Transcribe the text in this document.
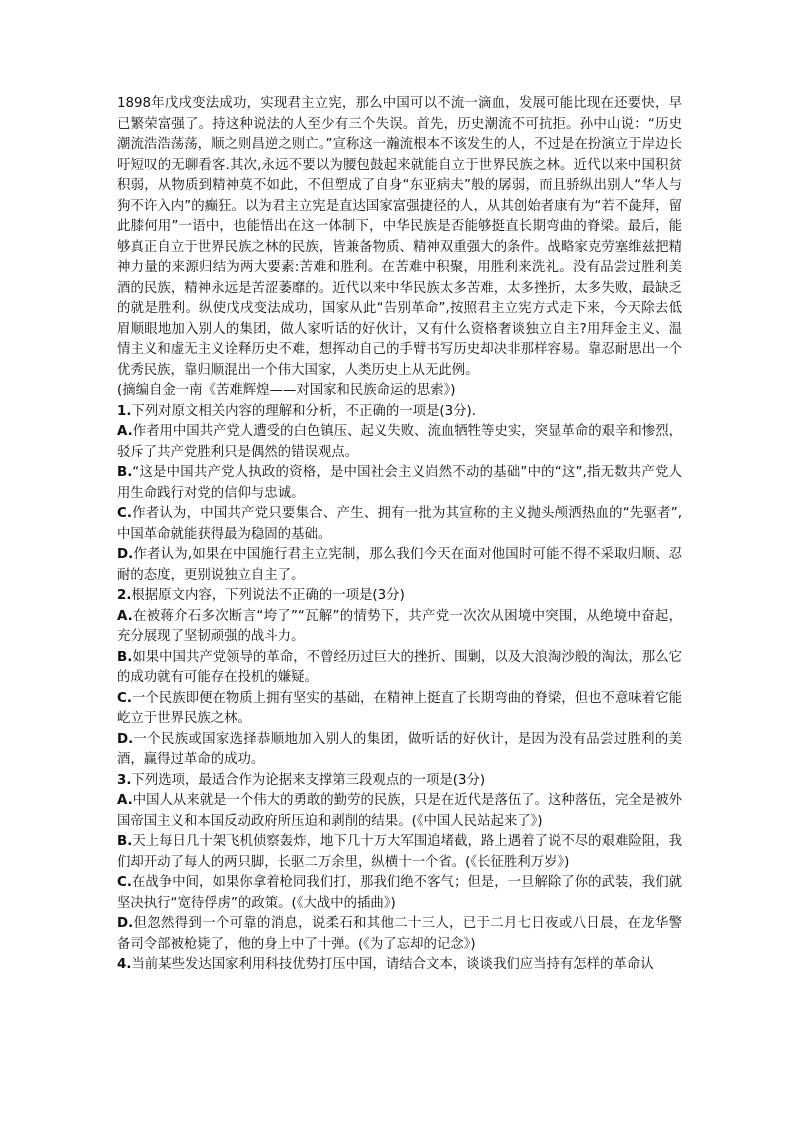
1898年戊戌变法成功，实现君主立宪，那么中国可以不流一滴血，发展可能比现在还要快，早已繁荣富强了。持这种说法的人至少有三个失误。首先，历史潮流不可抗拒。孙中山说：“历史潮流浩浩荡荡，顺之则昌逆之则亡。”宣称这一瀚流根本不该发生的人，不过是在扮演立于岸边长吁短叹的无聊看客.其次,永远不要以为腰包鼓起来就能自立于世界民族之林。近代以来中国积贫积弱，从物质到精神莫不如此，不但塑成了自身“东亚病夫”般的孱弱，而且骄纵出别人“华人与狗不许入内”的癫狂。以为君主立宪是直达国家富强捷径的人，从其创始者康有为“若不彘拜，留此膝何用”一语中，也能悟出在这一体制下，中华民族是否能够挺直长期弯曲的脊梁。最后，能够真正自立于世界民族之林的民族，皆兼备物质、精神双重强大的条件。战略家克劳塞维兹把精神力量的来源归结为两大要素:苦难和胜利。在苦难中积聚，用胜利来洗礼。没有品尝过胜利美酒的民族，精神永远是苦涩萎靡的。近代以来中华民族太多苦难，太多挫折，太多失败，最缺乏的就是胜利。纵使戊戌变法成功，国家从此“告别革命”,按照君主立宪方式走下来，今天除去低眉顺眼地加入别人的集团，做人家听话的好伙计，又有什么资格奢谈独立自主?用拜金主义、温情主义和虚无主义诠释历史不难，想挥动自己的手臂书写历史却决非那样容易。靠忍耐思出一个优秀民族，靠归顺混出一个伟大国家，人类历史上从无此例。

(摘编自金一南《苦难辉煌——对国家和民族命运的思索》)

1.下列对原文相关内容的理解和分析，不正确的一项是(3分).

A.作者用中国共产党人遭受的白色镇压、起义失败、流血牺牲等史实，突显革命的艰辛和惨烈，驳斥了共产党胜利只是偶然的错误观点。

B.“这是中国共产党人执政的资格，是中国社会主义岿然不动的基础”中的“这”,指无数共产党人用生命践行对党的信仰与忠诚。

C.作者认为，中国共产党只要集合、产生、拥有一批为其宣称的主义抛头颅洒热血的“先驱者”,中国革命就能获得最为稳固的基础。

D.作者认为,如果在中国施行君主立宪制，那么我们今天在面对他国时可能不得不采取归顺、忍耐的态度，更别说独立自主了。

2.根据原文内容，下列说法不正确的一项是(3分)

A.在被蒋介石多次断言“垮了”“瓦解”的情势下，共产党一次次从困境中突围，从绝境中奋起，充分展现了坚韧顽强的战斗力。

B.如果中国共产党领导的革命，不曾经历过巨大的挫折、围剿，以及大浪淘沙般的淘汰，那么它的成功就有可能存在投机的嫌疑。

C.一个民族即便在物质上拥有坚实的基础，在精神上挺直了长期弯曲的脊梁，但也不意味着它能屹立于世界民族之林。

D.一个民族或国家选择恭顺地加入别人的集团，做听话的好伙计，是因为没有品尝过胜利的美酒，赢得过革命的成功。

3.下列选项，最适合作为论据来支撑第三段观点的一项是(3分)

A.中国人从来就是一个伟大的勇敢的勤劳的民族，只是在近代是落伍了。这种落伍，完全是被外国帝国主义和本国反动政府所压迫和剥削的结果。(《中国人民站起来了》)

B.天上每日几十架飞机侦察轰炸，地下几十万大军围追堵截，路上遇着了说不尽的艰难险阻，我们却开动了每人的两只脚，长驱二万余里，纵横十一个省。(《长征胜利万岁》)

C.在战争中间，如果你拿着枪同我们打，那我们绝不客气；但是，一旦解除了你的武装，我们就坚决执行“宽待俘虏”的政策。(《大战中的插曲》)

D.但忽然得到一个可靠的消息，说柔石和其他二十三人，已于二月七日夜或八日晨，在龙华警备司令部被枪毙了，他的身上中了十弹。(《为了忘却的记念》)

4.当前某些发达国家利用科技优势打压中国，请结合文本，谈谈我们应当持有怎样的革命认
